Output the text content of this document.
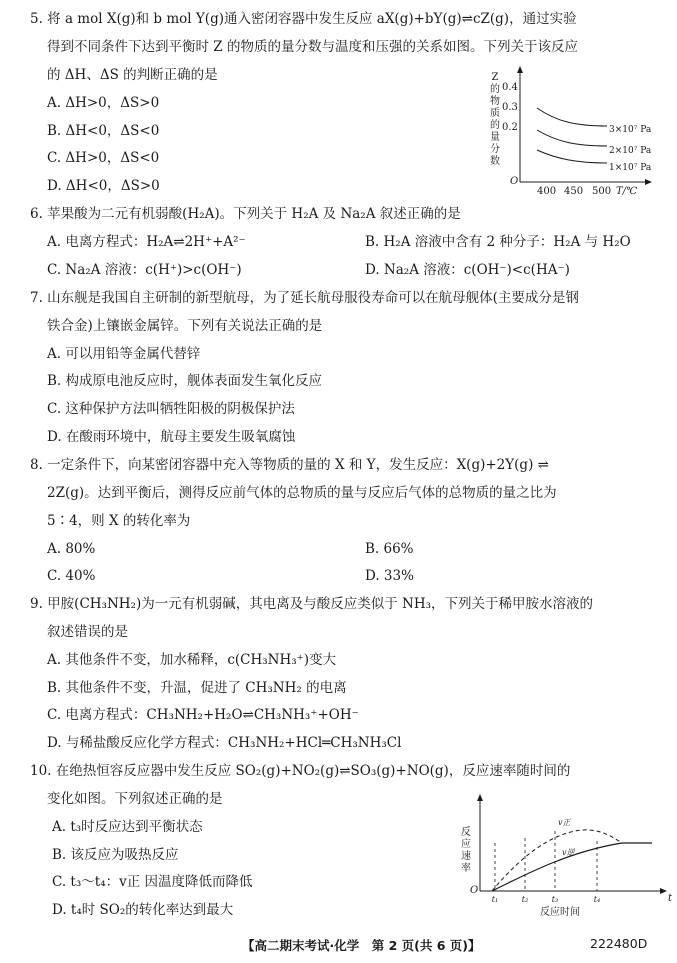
5. 将 a mol X(g)和 b mol Y(g)通入密闭容器中发生反应 aX(g)+bY(g)⇌cZ(g)，通过实验
得到不同条件下达到平衡时 Z 的物质的量分数与温度和压强的关系如图。下列关于该反应
的 ΔH、ΔS 的判断正确的是
A. ΔH>0，ΔS>0
B. ΔH<0，ΔS<0
C. ΔH>0，ΔS<0
D. ΔH<0，ΔS>0
Z
的
物
质
的
量
分
数
0.4
0.3
0.2
O
400 450 500 T/℃
3×10⁷ Pa
2×10⁷ Pa
1×10⁷ Pa
6. 苹果酸为二元有机弱酸(H₂A)。下列关于 H₂A 及 Na₂A 叙述正确的是
A. 电离方程式：H₂A⇌2H⁺+A²⁻	B. H₂A 溶液中含有 2 种分子：H₂A 与 H₂O
C. Na₂A 溶液：c(H⁺)>c(OH⁻)	D. Na₂A 溶液：c(OH⁻)<c(HA⁻)
7. 山东舰是我国自主研制的新型航母，为了延长航母服役寿命可以在航母舰体(主要成分是钢
铁合金)上镶嵌金属锌。下列有关说法正确的是
A. 可以用铅等金属代替锌
B. 构成原电池反应时，舰体表面发生氧化反应
C. 这种保护方法叫牺牲阳极的阴极保护法
D. 在酸雨环境中，航母主要发生吸氧腐蚀
8. 一定条件下，向某密闭容器中充入等物质的量的 X 和 Y，发生反应：X(g)+2Y(g) ⇌
2Z(g)。达到平衡后，测得反应前气体的总物质的量与反应后气体的总物质的量之比为
5∶4，则 X 的转化率为
A. 80%	B. 66%
C. 40%	D. 33%
9. 甲胺(CH₃NH₂)为一元有机弱碱，其电离及与酸反应类似于 NH₃，下列关于稀甲胺水溶液的
叙述错误的是
A. 其他条件不变，加水稀释，c(CH₃NH₃⁺)变大
B. 其他条件不变，升温，促进了 CH₃NH₂ 的电离
C. 电离方程式：CH₃NH₂+H₂O⇌CH₃NH₃⁺+OH⁻
D. 与稀盐酸反应化学方程式：CH₃NH₂+HCl═CH₃NH₃Cl
10. 在绝热恒容反应器中发生反应 SO₂(g)+NO₂(g)⇌SO₃(g)+NO(g)，反应速率随时间的
变化如图。下列叙述正确的是
A. t₃时反应达到平衡状态
B. 该反应为吸热反应
C. t₃～t₄：v正 因温度降低而降低
D. t₄时 SO₂的转化率达到最大
反
应
速
率
O
t
反应时间
t₁	t₂	t₃	t₄
v正
v逆
【高二期末考试·化学　第 2 页(共 6 页)】	222480D
